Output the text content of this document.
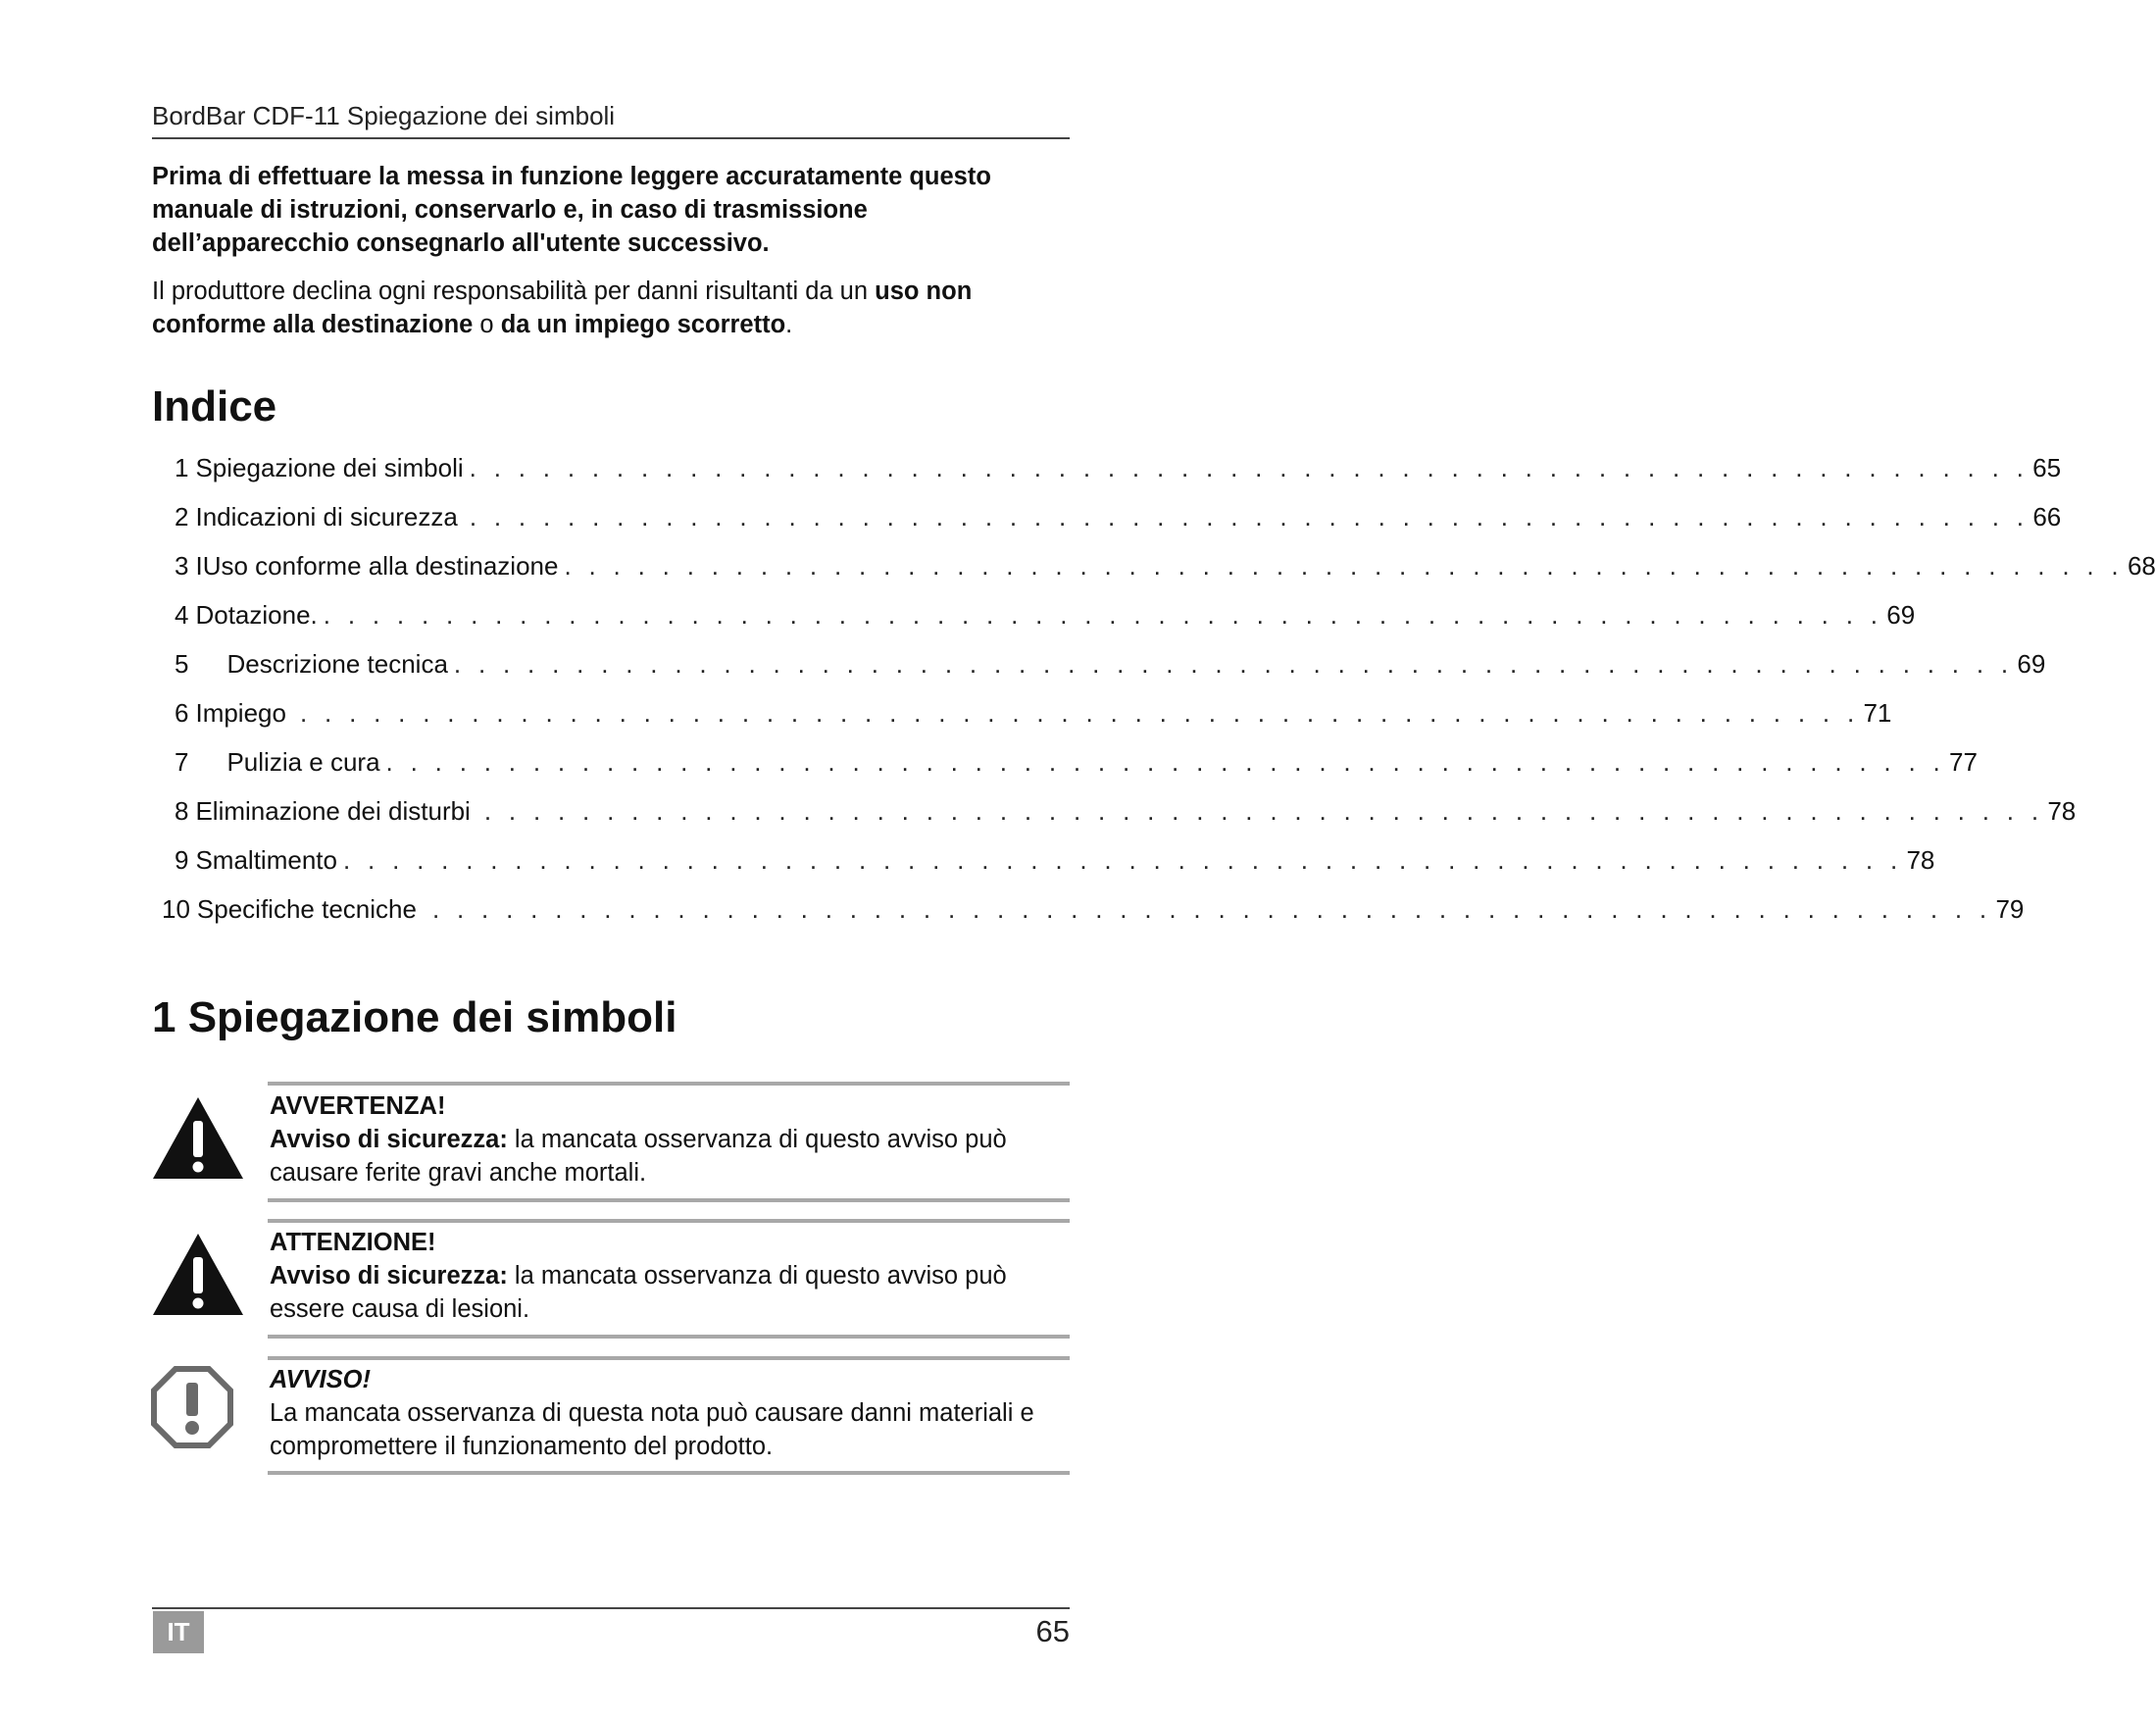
BordBar CDF-11 Spiegazione dei simboli
Prima di effettuare la messa in funzione leggere accuratamente questo manuale di istruzioni, conservarlo e, in caso di trasmissione dell’apparecchio consegnarlo all'utente successivo.
Il produttore declina ogni responsabilità per danni risultanti da un uso non conforme alla destinazione o da un impiego scorretto.
Indice
1 Spiegazione dei simboli . . . . . . . . . . . . . . . . . . . . . . . . . . . . . . . . . . . . . . . . . . . . . . . . . . . . . . . . . . . . . . . . 65
2 Indicazioni di sicurezza . . . . . . . . . . . . . . . . . . . . . . . . . . . . . . . . . . . . . . . . . . . . . . . . . . . . . . . . . . . . . . . . 66
3 IUso conforme alla destinazione . . . . . . . . . . . . . . . . . . . . . . . . . . . . . . . . . . . . . . . . . . . . . . . . . . . . . . . . . . . . . . . . 68
4 Dotazione. . . . . . . . . . . . . . . . . . . . . . . . . . . . . . . . . . . . . . . . . . . . . . . . . . . . . . . . . . . . . . . . . 69
5 Descrizione tecnica . . . . . . . . . . . . . . . . . . . . . . . . . . . . . . . . . . . . . . . . . . . . . . . . . . . . . . . . . . . . . . . . 69
6 Impiego . . . . . . . . . . . . . . . . . . . . . . . . . . . . . . . . . . . . . . . . . . . . . . . . . . . . . . . . . . . . . . . . 71
7 Pulizia e cura . . . . . . . . . . . . . . . . . . . . . . . . . . . . . . . . . . . . . . . . . . . . . . . . . . . . . . . . . . . . . . . . 77
8 Eliminazione dei disturbi . . . . . . . . . . . . . . . . . . . . . . . . . . . . . . . . . . . . . . . . . . . . . . . . . . . . . . . . . . . . . . . . 78
9 Smaltimento . . . . . . . . . . . . . . . . . . . . . . . . . . . . . . . . . . . . . . . . . . . . . . . . . . . . . . . . . . . . . . . . 78
10 Specifiche tecniche . . . . . . . . . . . . . . . . . . . . . . . . . . . . . . . . . . . . . . . . . . . . . . . . . . . . . . . . . . . . . . . . 79
1 Spiegazione dei simboli
AVVERTENZA!
Avviso di sicurezza: la mancata osservanza di questo avviso può causare ferite gravi anche mortali.
ATTENZIONE!
Avviso di sicurezza: la mancata osservanza di questo avviso può essere causa di lesioni.
AVVISO!
La mancata osservanza di questa nota può causare danni materiali e compromettere il funzionamento del prodotto.
IT	65
